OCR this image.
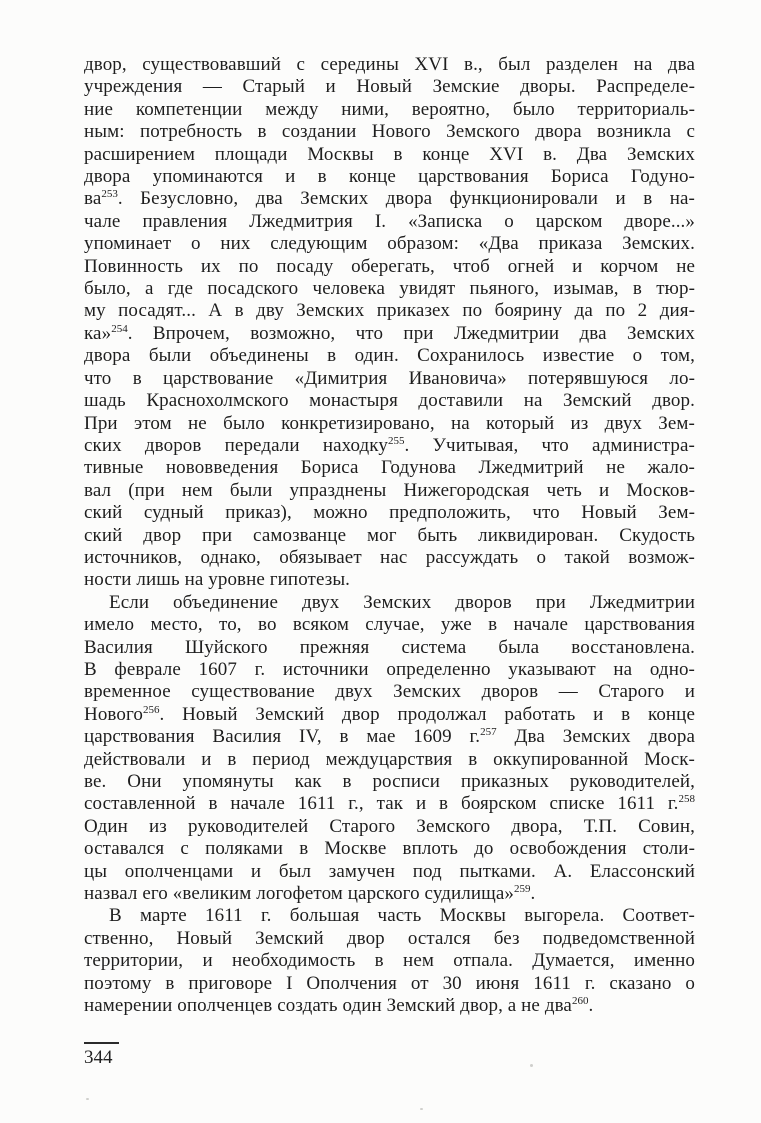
двор, существовавший с середины XVI в., был разделен на два
учреждения — Старый и Новый Земские дворы. Распределе-
ние компетенции между ними, вероятно, было территориаль-
ным: потребность в создании Нового Земского двора возникла с
расширением площади Москвы в конце XVI в. Два Земских
двора упоминаются и в конце царствования Бориса Годуно-
$ва^{253}$. Безусловно, два Земских двора функционировали и в на-
чале правления Лжедмитрия I. «Записка о царском дворе...»
упоминает о них следующим образом: «Два приказа Земских.
Повинность их по посаду оберегать, чтоб огней и корчом не
было, а где посадского человека увидят пьяного, изымав, в тюр-
му посадят... А в дву Земских приказех по боярину да по 2 дия-
ка»$^{254}$. Впрочем, возможно, что при Лжедмитрии два Земских
двора были объединены в один. Сохранилось известие о том,
что в царствование «Димитрия Ивановича» потерявшуюся ло-
шадь Краснохолмского монастыря доставили на Земский двор.
При этом не было конкретизировано, на который из двух Зем-
ских дворов передали находку$^{255}$. Учитывая, что администра-
тивные нововведения Бориса Годунова Лжедмитрий не жало-
вал (при нем были упразднены Нижегородская четь и Москов-
ский судный приказ), можно предположить, что Новый Зем-
ский двор при самозванце мог быть ликвидирован. Скудость
источников, однако, обязывает нас рассуждать о такой возмож-
ности лишь на уровне гипотезы.
Если объединение двух Земских дворов при Лжедмитрии
имело место, то, во всяком случае, уже в начале царствования
Василия Шуйского прежняя система была восстановлена.
В феврале 1607 г. источники определенно указывают на одно-
временное существование двух Земских дворов — Старого и
Нового$^{256}$. Новый Земский двор продолжал работать и в конце
царствования Василия IV, в мае 1609 г.$^{257}$ Два Земских двора
действовали и в период междуцарствия в оккупированной Моск-
ве. Они упомянуты как в росписи приказных руководителей,
составленной в начале 1611 г., так и в боярском списке 1611 г.$^{258}$
Один из руководителей Старого Земского двора, Т.П. Совин,
оставался с поляками в Москве вплоть до освобождения столи-
цы ополченцами и был замучен под пытками. А. Елассонский
назвал его «великим логофетом царского судилища»$^{259}$.
В марте 1611 г. большая часть Москвы выгорела. Соответ-
ственно, Новый Земский двор остался без подведомственной
территории, и необходимость в нем отпала. Думается, именно
поэтому в приговоре I Ополчения от 30 июня 1611 г. сказано о
намерении ополченцев создать один Земский двор, а не два$^{260}$.
344
